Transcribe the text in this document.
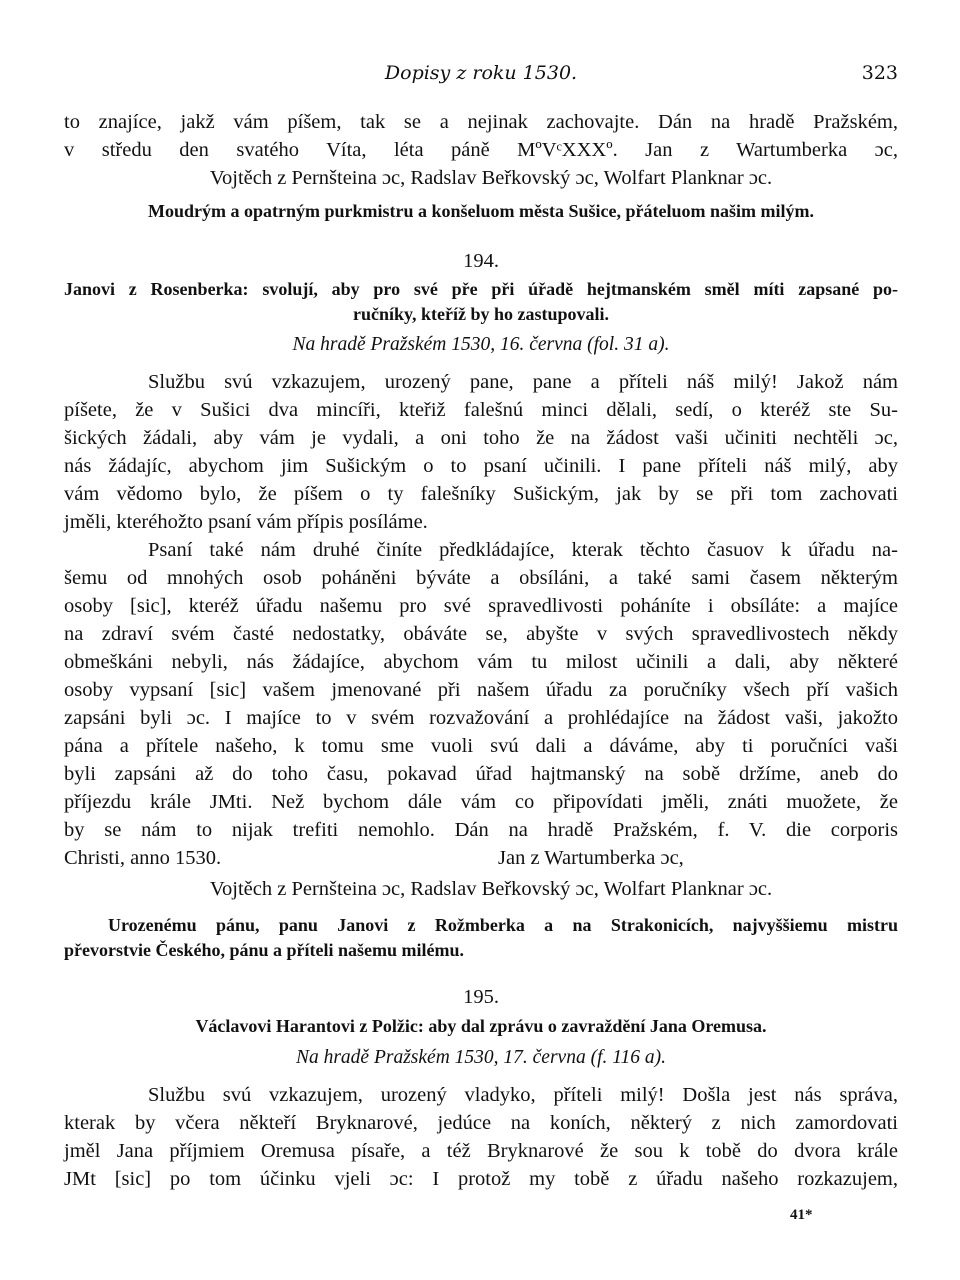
Dopisy z roku 1530.	323
to znajíce, jakž vám píšem, tak se a nejinak zachovajte. Dán na hradě Pražském,
v středu den svatého Víta, léta páně MºVᶜXXXº. Jan z Wartumberka ɔc,
Vojtěch z Pernšteina ɔc, Radslav Beřkovský ɔc, Wolfart Planknar ɔc.
Moudrým a opatrným purkmistru a konšeluom města Sušice, přáteluom našim milým.
194.
Janovi z Rosenberka: svolují, aby pro své pře při úřadě hejtmanském směl míti zapsané po-
ručníky, kteříž by ho zastupovali.
Na hradě Pražském 1530, 16. června (fol. 31 a).
Službu svú vzkazujem, urozený pane, pane a příteli náš milý! Jakož nám
píšete, že v Sušici dva mincíři, kteřiž falešnú minci dělali, sedí, o kteréž ste Su-
šických žádali, aby vám je vydali, a oni toho že na žádost vaši učiniti nechtěli ɔc,
nás žádajíc, abychom jim Sušickým o to psaní učinili. I pane příteli náš milý, aby
vám vědomo bylo, že píšem o ty falešníky Sušickým, jak by se při tom zachovati
jměli, kteréhožto psaní vám přípis posíláme.
Psaní také nám druhé činíte předkládajíce, kterak těchto časuov k úřadu na-
šemu od mnohých osob poháněni býváte a obsíláni, a také sami časem některým
osoby [sic], kteréž úřadu našemu pro své spravedlivosti poháníte i obsíláte: a majíce
na zdraví svém časté nedostatky, obáváte se, abyšte v svých spravedlivostech někdy
obmeškáni nebyli, nás žádajíce, abychom vám tu milost učinili a dali, aby některé
osoby vypsaní [sic] vašem jmenované při našem úřadu za poručníky všech pří vašich
zapsáni byli ɔc. I majíce to v svém rozvažování a prohlédajíce na žádost vaši, jakožto
pána a přítele našeho, k tomu sme vuoli svú dali a dáváme, aby ti poručníci vaši
byli zapsáni až do toho času, pokavad úřad hajtmanský na sobě držíme, aneb do
příjezdu krále JMti. Než bychom dále vám co připovídati jměli, znáti muožete, že
by se nám to nijak trefiti nemohlo. Dán na hradě Pražském, f. V. die corporis
Christi, anno 1530.	Jan z Wartumberka ɔc,
Vojtěch z Pernšteina ɔc, Radslav Beřkovský ɔc, Wolfart Planknar ɔc.
Urozenému pánu, panu Janovi z Rožmberka a na Strakonicích, najvyššiemu mistru
převorstvie Českého, pánu a příteli našemu milému.
195.
Václavovi Harantovi z Polžic: aby dal zprávu o zavraždění Jana Oremusa.
Na hradě Pražském 1530, 17. června (f. 116 a).
Službu svú vzkazujem, urozený vladyko, příteli milý! Došla jest nás správa,
kterak by včera někteří Bryknarové, jedúce na koních, některý z nich zamordovati
jměl Jana příjmiem Oremusa písaře, a též Bryknarové že sou k tobě do dvora krále
JMt [sic] po tom účinku vjeli ɔc: I protož my tobě z úřadu našeho rozkazujem,
41*
